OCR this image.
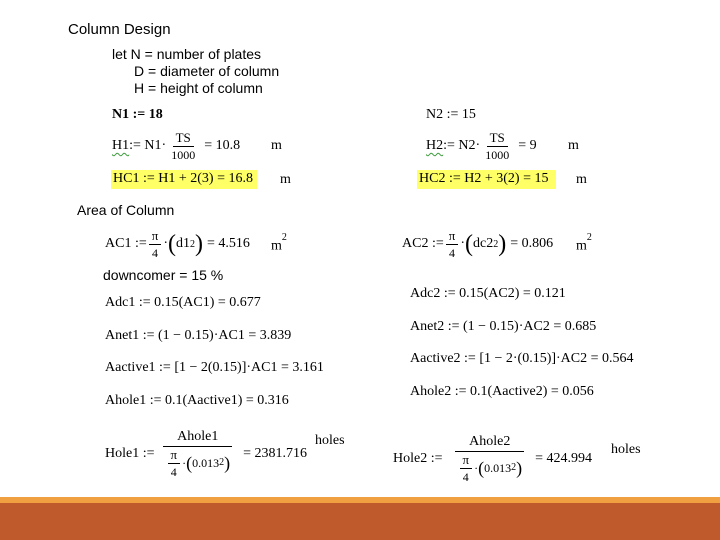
Column Design
let N = number of plates
D = diameter of column
H = height of column
N1 := 18
H1 := $N1\cdot \frac{TS}{1000} = 10.8$ m
HC1 := H1 + 2(3) = 16.8 m
N2 := 15
H2 := $N2\cdot \frac{TS}{1000} = 9$ m
HC2 := H2 + 3(2) = 15	m
Area of Column
AC1 := $\frac{\pi}{4}$ · ( d1 2 ) = 4.516 $m^2$	AC2 := $\frac{\pi}{4}$ · ( dc2 2 ) = 0.806 $m^2$
downcomer = 15 %
Adc1 := 0.15(AC1) = 0.677
Anet1 := (1 − 0.15)·AC1 = 3.839
Aactive1 := [1 − 2(0.15)]·AC1 = 3.161
Ahole1 := 0.1(Aactive1) = 0.316
Adc2 := 0.15(AC2) = 0.121
Anet2 := (1 − 0.15)·AC2 = 0.685
Aactive2 := [1 − 2·(0.15)]·AC2 = 0.564
Ahole2 := 0.1(Aactive2) = 0.056
Hole1 := $\frac{\text{Ahole1}}{\frac{\pi}{4} \cdot ( 0.013 2 )} = 2381.716$
holes
Hole2 := $\frac{\text{Ahole2}}{\frac{\pi}{4} \cdot ( 0.013 2 )} = 424.994$
holes
